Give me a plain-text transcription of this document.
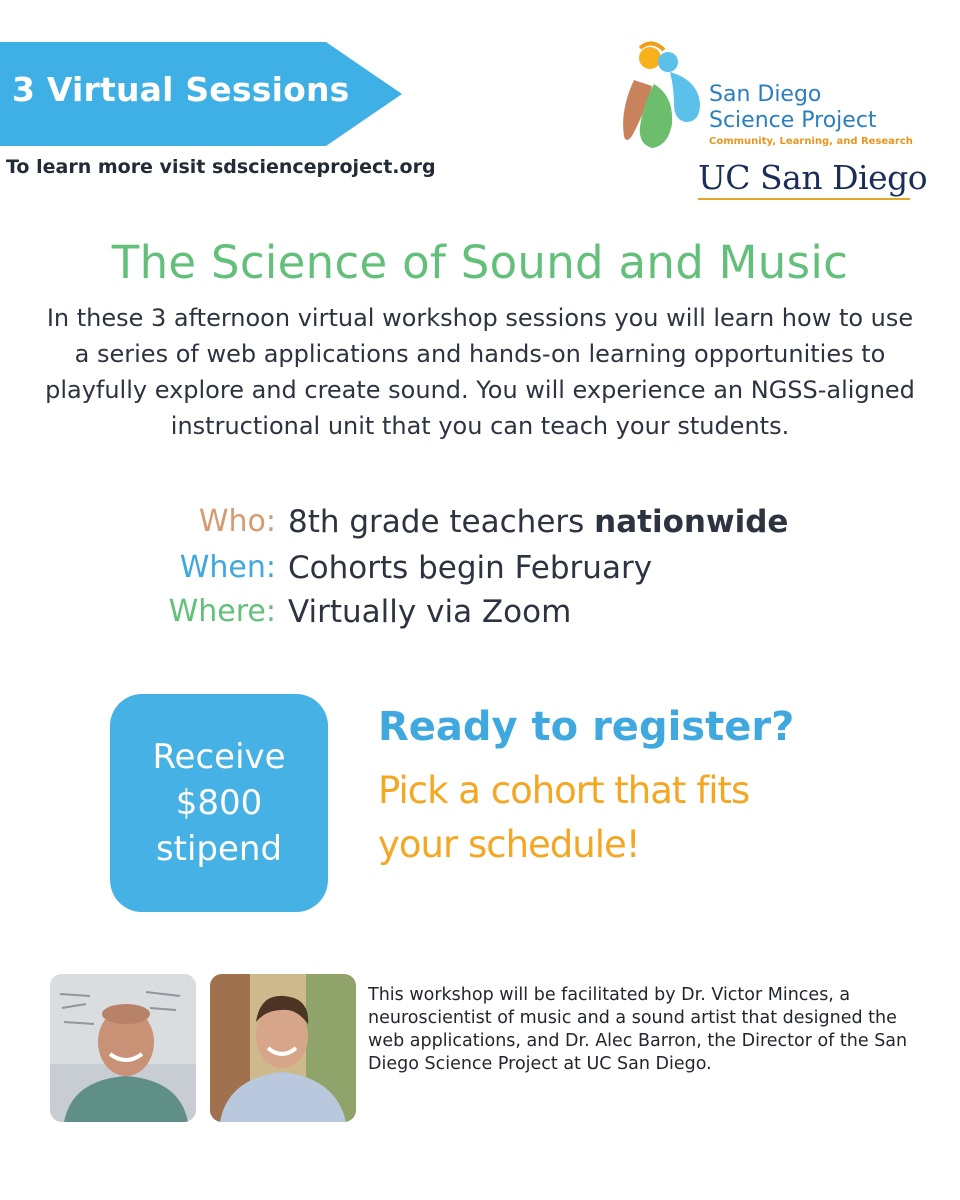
3 Virtual Sessions
To learn more visit sdscienceproject.org
San Diego
Science Project
Community, Learning, and Research
UC San Diego
The Science of Sound and Music
In these 3 afternoon virtual workshop sessions you will learn how to use a series of web applications and hands-on learning opportunities to playfully explore and create sound. You will experience an NGSS-aligned instructional unit that you can teach your students.
Who: 8th grade teachers nationwide
When: Cohorts begin February
Where: Virtually via Zoom
Receive
$800
stipend
Ready to register?
Pick a cohort that fits
your schedule!
This workshop will be facilitated by Dr. Victor Minces, a neuroscientist of music and a sound artist that designed the web applications, and Dr. Alec Barron, the Director of the San Diego Science Project at UC San Diego.
